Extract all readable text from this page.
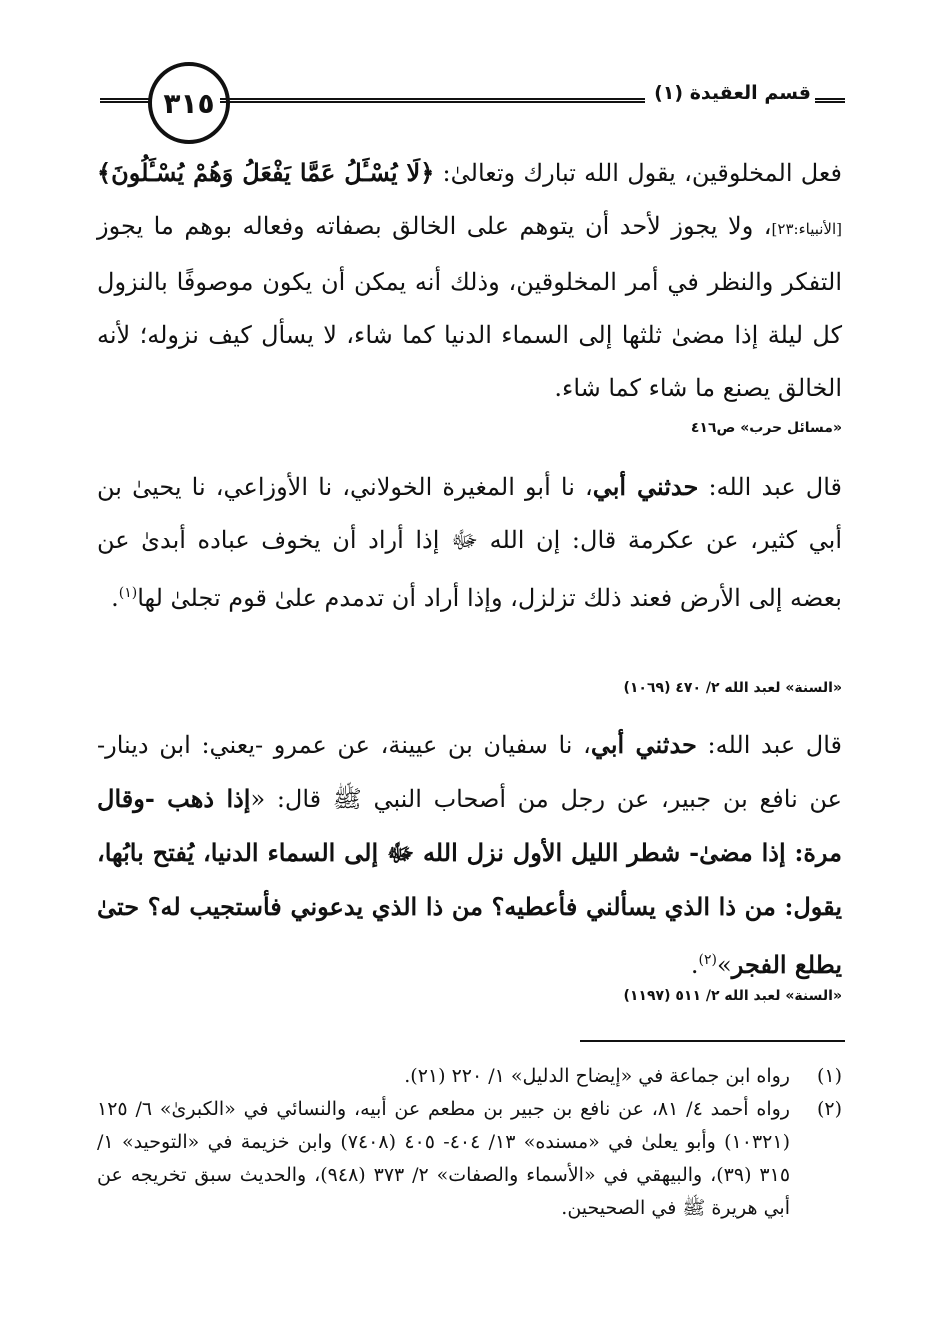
٣١٥	قسم العقيدة (١)
فعل المخلوقين، يقول الله تبارك وتعالىٰ: ﴿لَا يُسْـَٔلُ عَمَّا يَفْعَلُ وَهُمْ يُسْـَٔلُونَ﴾ [الأنبياء:٢٣]، ولا يجوز لأحد أن يتوهم على الخالق بصفاته وفعاله بوهم ما يجوز التفكر والنظر في أمر المخلوقين، وذلك أنه يمكن أن يكون موصوفًا بالنزول كل ليلة إذا مضىٰ ثلثها إلى السماء الدنيا كما شاء، لا يسأل كيف نزوله؛ لأنه الخالق يصنع ما شاء كما شاء.
«مسائل حرب» ص٤١٦
قال عبد الله: حدثني أبي، نا أبو المغيرة الخولاني، نا الأوزاعي، نا يحيىٰ بن أبي كثير، عن عكرمة قال: إن الله ﷻ إذا أراد أن يخوف عباده أبدىٰ عن بعضه إلى الأرض فعند ذلك تزلزل، وإذا أراد أن تدمدم علىٰ قوم تجلىٰ لها$^{(١)}$.
«السنة» لعبد الله ٢/ ٤٧٠ (١٠٦٩)
قال عبد الله: حدثني أبي، نا سفيان بن عيينة، عن عمرو -يعني: ابن دينار- عن نافع بن جبير، عن رجل من أصحاب النبي ﷺ قال: «إذا ذهب -وقال مرة: إذا مضىٰ- شطر الليل الأول نزل الله ﷻ إلى السماء الدنيا، يُفتح بابُها، يقول: من ذا الذي يسألني فأعطيه؟ من ذا الذي يدعوني فأستجيب له؟ حتىٰ يطلع الفجر»$^{(٢)}$.
«السنة» لعبد الله ٢/ ٥١١ (١١٩٧)
(١)
رواه ابن جماعة في «إيضاح الدليل» ١/ ٢٢٠ (٢١).
(٢)
رواه أحمد ٤/ ٨١، عن نافع بن جبير بن مطعم عن أبيه، والنسائي في «الكبرىٰ» ٦/ ١٢٥ (١٠٣٢١) وأبو يعلىٰ في «مسنده» ١٣/ ٤٠٤- ٤٠٥ (٧٤٠٨) وابن خزيمة في «التوحيد» ١/ ٣١٥ (٣٩)، والبيهقي في «الأسماء والصفات» ٢/ ٣٧٣ (٩٤٨)، والحديث سبق تخريجه عن أبي هريرة ﷺ في الصحيحين.
